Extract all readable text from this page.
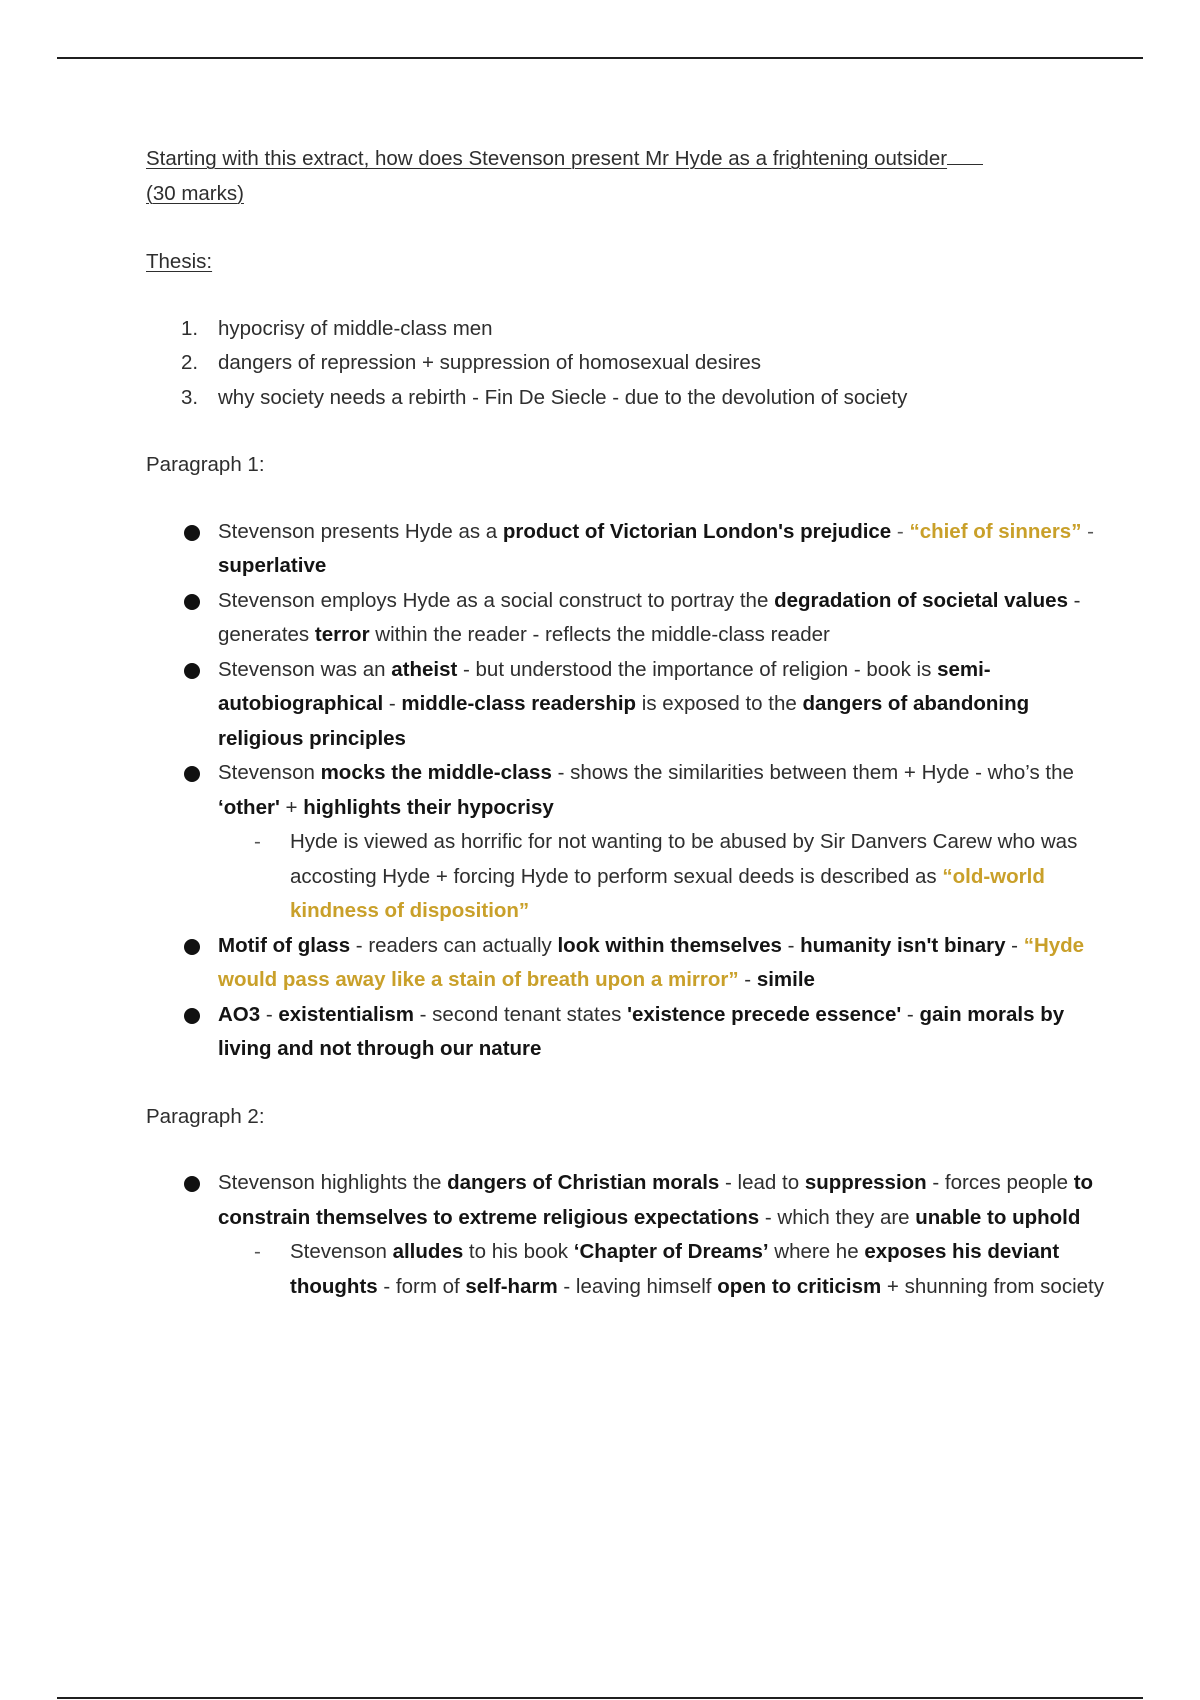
Starting with this extract, how does Stevenson present Mr Hyde as a frightening outsider
(30 marks)
Thesis:
1. hypocrisy of middle-class men
2. dangers of repression + suppression of homosexual desires
3. why society needs a rebirth - Fin De Siecle - due to the devolution of society
Paragraph 1:
Stevenson presents Hyde as a product of Victorian London's prejudice - “chief of sinners” - superlative
Stevenson employs Hyde as a social construct to portray the degradation of societal values - generates terror within the reader - reflects the middle-class reader
Stevenson was an atheist - but understood the importance of religion - book is semi-autobiographical - middle-class readership is exposed to the dangers of abandoning religious principles
Stevenson mocks the middle-class - shows the similarities between them + Hyde - who’s the ‘other' + highlights their hypocrisy
- Hyde is viewed as horrific for not wanting to be abused by Sir Danvers Carew who was accosting Hyde + forcing Hyde to perform sexual deeds is described as “old-world kindness of disposition”
Motif of glass - readers can actually look within themselves - humanity isn't binary - “Hyde would pass away like a stain of breath upon a mirror” - simile
AO3 - existentialism - second tenant states 'existence precede essence' - gain morals by living and not through our nature
Paragraph 2:
Stevenson highlights the dangers of Christian morals - lead to suppression - forces people to constrain themselves to extreme religious expectations - which they are unable to uphold
- Stevenson alludes to his book ‘Chapter of Dreams’ where he exposes his deviant thoughts - form of self-harm - leaving himself open to criticism + shunning from society
